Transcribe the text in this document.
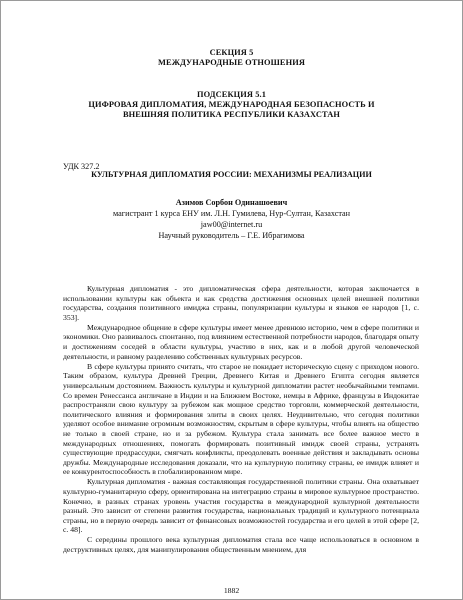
СЕКЦИЯ 5
МЕЖДУНАРОДНЫЕ ОТНОШЕНИЯ
ПОДСЕКЦИЯ 5.1
ЦИФРОВАЯ ДИПЛОМАТИЯ, МЕЖДУНАРОДНАЯ БЕЗОПАСНОСТЬ И
ВНЕШНЯЯ ПОЛИТИКА РЕСПУБЛИКИ КАЗАХСТАН
УДК 327.2
КУЛЬТУРНАЯ ДИПЛОМАТИЯ РОССИИ: МЕХАНИЗМЫ РЕАЛИЗАЦИИ
Азимов Сорбон Одинашоевич
магистрант 1 курса ЕНУ им. Л.Н. Гумилева, Нур-Султан, Казахстан
jaw00@internet.ru
Научный руководитель – Г.Е. Ибрагимова

Культурная дипломатия - это дипломатическая сфера деятельности, которая заключается в использовании культуры как объекта и как средства достижения основных целей внешней политики государства, создания позитивного имиджа страны, популяризации культуры и языков ее народов [1, с. 353].

Международное общение в сфере культуры имеет менее древнюю историю, чем в сфере политики и экономики. Оно развивалось спонтанно, под влиянием естественной потребности народов, благодаря опыту и достижениям соседей в области культуры, участию в них, как и в любой другой человеческой деятельности, и равному разделению собственных культурных ресурсов.

В сфере культуры принято считать, что старое не покидает историческую сцену с приходом нового. Таким образом, культура Древней Греции, Древнего Китая и Древнего Египта сегодня является универсальным достоянием. Важность культуры и культурной дипломатии растет необычайными темпами. Со времен Ренессанса англичане в Индии и на Ближнем Востоке, немцы в Африке, французы в Индокитае распространяли свою культуру за рубежом как мощное средство торговли, коммерческой деятельности, политического влияния и формирования элиты в своих целях. Неудивительно, что сегодня политики уделяют особое внимание огромным возможностям, скрытым в сфере культуры, чтобы влиять на общество не только в своей стране, но и за рубежом. Культура стала занимать все более важное место в международных отношениях, помогать формировать позитивный имидж своей страны, устранять существующие предрассудки, смягчать конфликты, преодолевать военные действия и закладывать основы дружбы. Международные исследования доказали, что на культурную политику страны, ее имидж влияет и ее конкурентоспособность в глобализированном мире.

Культурная дипломатия - важная составляющая государственной политики страны. Она охватывает культурно-гуманитарную сферу, ориентирована на интеграцию страны в мировое культурное пространство. Конечно, в разных странах уровень участия государства в международной культурной деятельности разный. Это зависит от степени развития государства, национальных традиций и культурного потенциала страны, но в первую очередь зависит от финансовых возможностей государства и его целей в этой сфере [2, с. 48].

С середины прошлого века культурная дипломатия стала все чаще использоваться в основном в деструктивных целях, для манипулирования общественным мнением, для

1882
